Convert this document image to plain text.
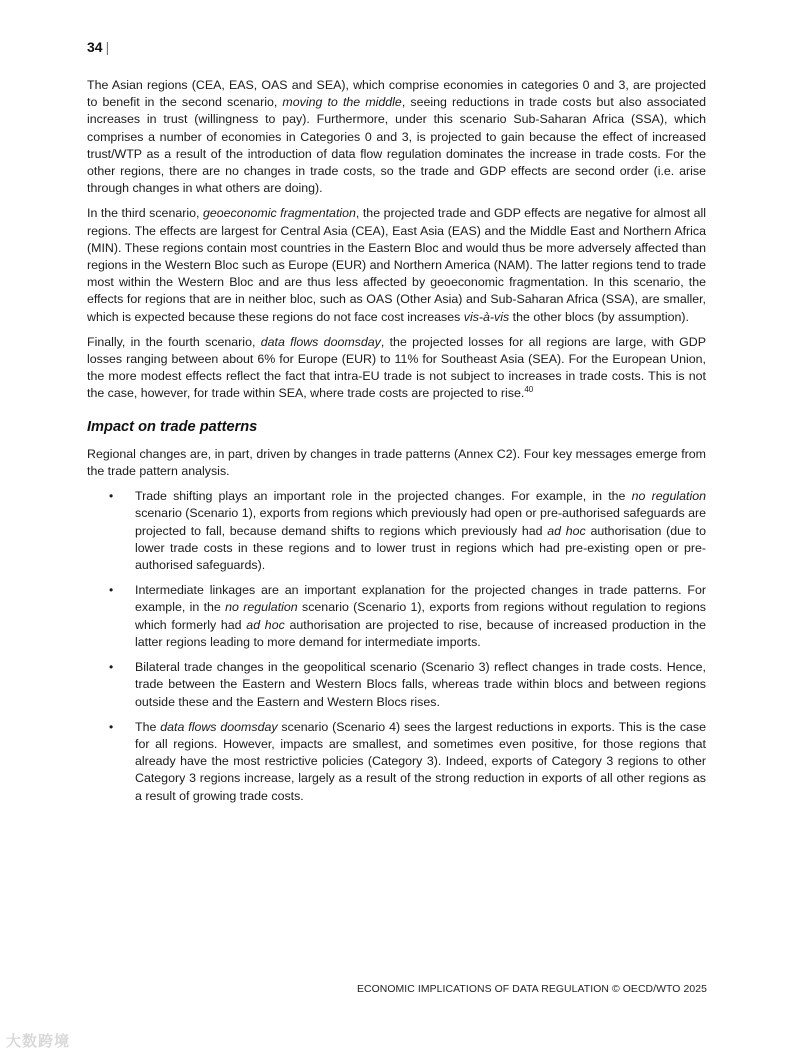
34 |

The Asian regions (CEA, EAS, OAS and SEA), which comprise economies in categories 0 and 3, are projected to benefit in the second scenario, moving to the middle, seeing reductions in trade costs but also associated increases in trust (willingness to pay). Furthermore, under this scenario Sub-Saharan Africa (SSA), which comprises a number of economies in Categories 0 and 3, is projected to gain because the effect of increased trust/WTP as a result of the introduction of data flow regulation dominates the increase in trade costs. For the other regions, there are no changes in trade costs, so the trade and GDP effects are second order (i.e. arise through changes in what others are doing).

In the third scenario, geoeconomic fragmentation, the projected trade and GDP effects are negative for almost all regions. The effects are largest for Central Asia (CEA), East Asia (EAS) and the Middle East and Northern Africa (MIN). These regions contain most countries in the Eastern Bloc and would thus be more adversely affected than regions in the Western Bloc such as Europe (EUR) and Northern America (NAM). The latter regions tend to trade most within the Western Bloc and are thus less affected by geoeconomic fragmentation. In this scenario, the effects for regions that are in neither bloc, such as OAS (Other Asia) and Sub-Saharan Africa (SSA), are smaller, which is expected because these regions do not face cost increases vis-à-vis the other blocs (by assumption).

Finally, in the fourth scenario, data flows doomsday, the projected losses for all regions are large, with GDP losses ranging between about 6% for Europe (EUR) to 11% for Southeast Asia (SEA). For the European Union, the more modest effects reflect the fact that intra-EU trade is not subject to increases in trade costs. This is not the case, however, for trade within SEA, where trade costs are projected to rise.$^{40}$

Impact on trade patterns

Regional changes are, in part, driven by changes in trade patterns (Annex C2). Four key messages emerge from the trade pattern analysis.

• Trade shifting plays an important role in the projected changes. For example, in the no regulation scenario (Scenario 1), exports from regions which previously had open or pre-authorised safeguards are projected to fall, because demand shifts to regions which previously had ad hoc authorisation (due to lower trade costs in these regions and to lower trust in regions which had pre-existing open or pre-authorised safeguards).
• Intermediate linkages are an important explanation for the projected changes in trade patterns. For example, in the no regulation scenario (Scenario 1), exports from regions without regulation to regions which formerly had ad hoc authorisation are projected to rise, because of increased production in the latter regions leading to more demand for intermediate imports.
• Bilateral trade changes in the geopolitical scenario (Scenario 3) reflect changes in trade costs. Hence, trade between the Eastern and Western Blocs falls, whereas trade within blocs and between regions outside these and the Eastern and Western Blocs rises.
• The data flows doomsday scenario (Scenario 4) sees the largest reductions in exports. This is the case for all regions. However, impacts are smallest, and sometimes even positive, for those regions that already have the most restrictive policies (Category 3). Indeed, exports of Category 3 regions to other Category 3 regions increase, largely as a result of the strong reduction in exports of all other regions as a result of growing trade costs.
ECONOMIC IMPLICATIONS OF DATA REGULATION © OECD/WTO 2025
大数跨境
